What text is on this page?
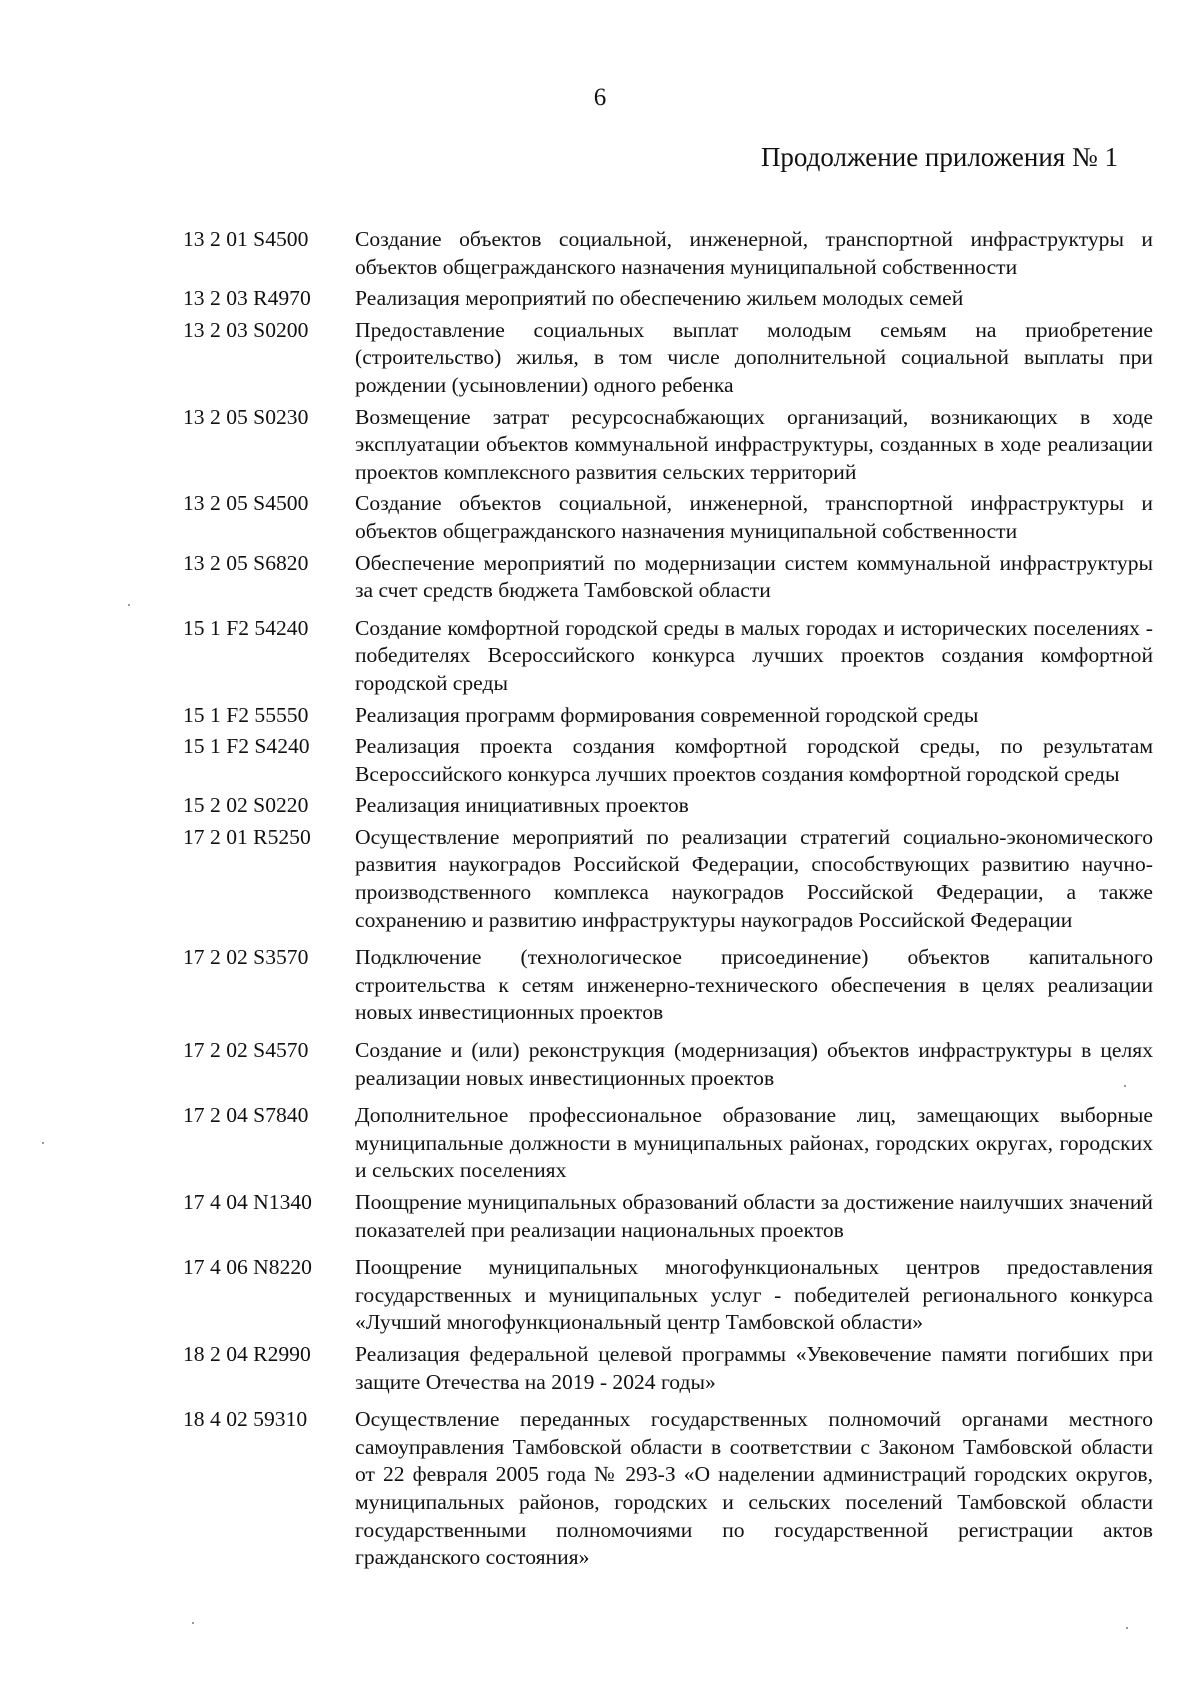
6
Продолжение приложения № 1
13 2 01 S4500	Создание объектов социальной, инженерной, транспортной инфраструктуры и объектов общегражданского назначения муниципальной собственности

13 2 03 R4970	Реализация мероприятий по обеспечению жильем молодых семей

13 2 03 S0200	Предоставление социальных выплат молодым семьям на приобретение (строительство) жилья, в том числе дополнительной социальной выплаты при рождении (усыновлении) одного ребенка

13 2 05 S0230	Возмещение затрат ресурсоснабжающих организаций, возникающих в ходе эксплуатации объектов коммунальной инфраструктуры, созданных в ходе реализации проектов комплексного развития сельских территорий

13 2 05 S4500	Создание объектов социальной, инженерной, транспортной инфраструктуры и объектов общегражданского назначения муниципальной собственности

13 2 05 S6820	Обеспечение мероприятий по модернизации систем коммунальной инфраструктуры за счет средств бюджета Тамбовской области

15 1 F2 54240	Создание комфортной городской среды в малых городах и исторических поселениях - победителях Всероссийского конкурса лучших проектов создания комфортной городской среды

15 1 F2 55550	Реализация программ формирования современной городской среды

15 1 F2 S4240	Реализация проекта создания комфортной городской среды, по результатам Всероссийского конкурса лучших проектов создания комфортной городской среды

15 2 02 S0220	Реализация инициативных проектов

17 2 01 R5250	Осуществление мероприятий по реализации стратегий социально-экономического развития наукоградов Российской Федерации, способствующих развитию научно-производственного комплекса наукоградов Российской Федерации, а также сохранению и развитию инфраструктуры наукоградов Российской Федерации

17 2 02 S3570	Подключение (технологическое присоединение) объектов капитального строительства к сетям инженерно-технического обеспечения в целях реализации новых инвестиционных проектов

17 2 02 S4570	Создание и (или) реконструкция (модернизация) объектов инфраструктуры в целях реализации новых инвестиционных проектов

17 2 04 S7840	Дополнительное профессиональное образование лиц, замещающих выборные муниципальные должности в муниципальных районах, городских округах, городских и сельских поселениях

17 4 04 N1340	Поощрение муниципальных образований области за достижение наилучших значений показателей при реализации национальных проектов

17 4 06 N8220	Поощрение муниципальных многофункциональных центров предоставления государственных и муниципальных услуг - победителей регионального конкурса «Лучший многофункциональный центр Тамбовской области»

18 2 04 R2990	Реализация федеральной целевой программы «Увековечение памяти погибших при защите Отечества на 2019 - 2024 годы»

18 4 02 59310	Осуществление переданных государственных полномочий органами местного самоуправления Тамбовской области в соответствии с Законом Тамбовской области от 22 февраля 2005 года № 293-З «О наделении администраций городских округов, муниципальных районов, городских и сельских поселений Тамбовской области государственными полномочиями по государственной регистрации актов гражданского состояния»
